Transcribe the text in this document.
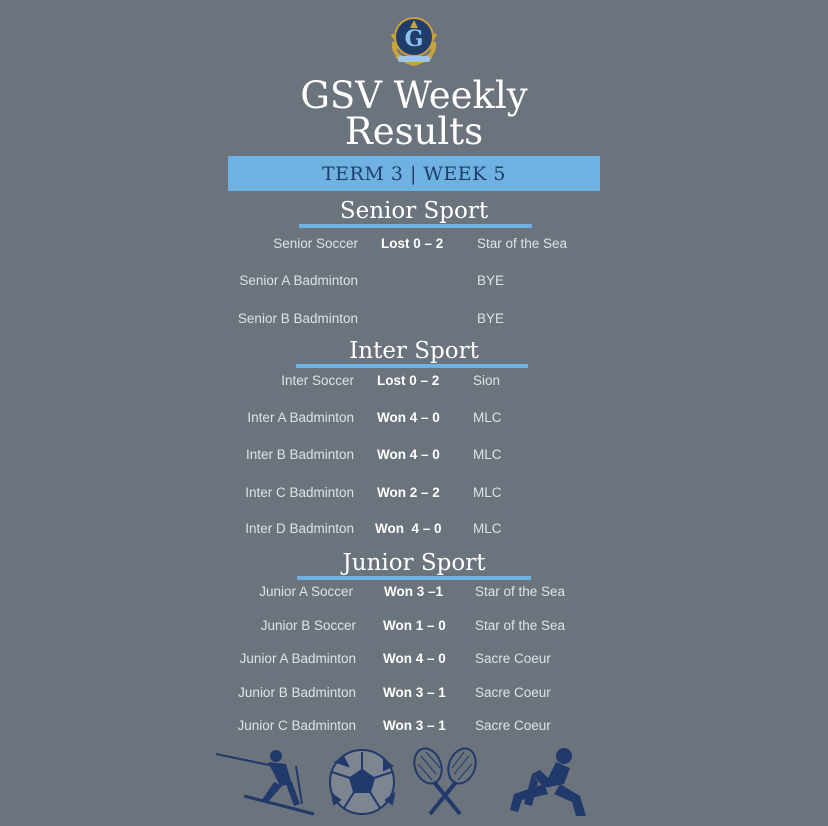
G
GSV Weekly
Results
TERM 3 | WEEK 5
Senior Sport
Senior Soccer Lost 0 – 2 Star of the Sea
Senior A Badminton	BYE
Senior B Badminton	BYE
Inter Sport
Inter Soccer Lost 0 – 2 Sion
Inter A Badminton Won 4 – 0 MLC
Inter B Badminton Won 4 – 0 MLC
Inter C Badminton Won 2 – 2 MLC
Inter D Badminton Won  4 – 0 MLC
Junior Sport
Junior A Soccer Won 3 –1 Star of the Sea
Junior B Soccer Won 1 – 0 Star of the Sea
Junior A Badminton Won 4 – 0 Sacre Coeur
Junior B Badminton Won 3 – 1 Sacre Coeur
Junior C Badminton Won 3 – 1 Sacre Coeur
